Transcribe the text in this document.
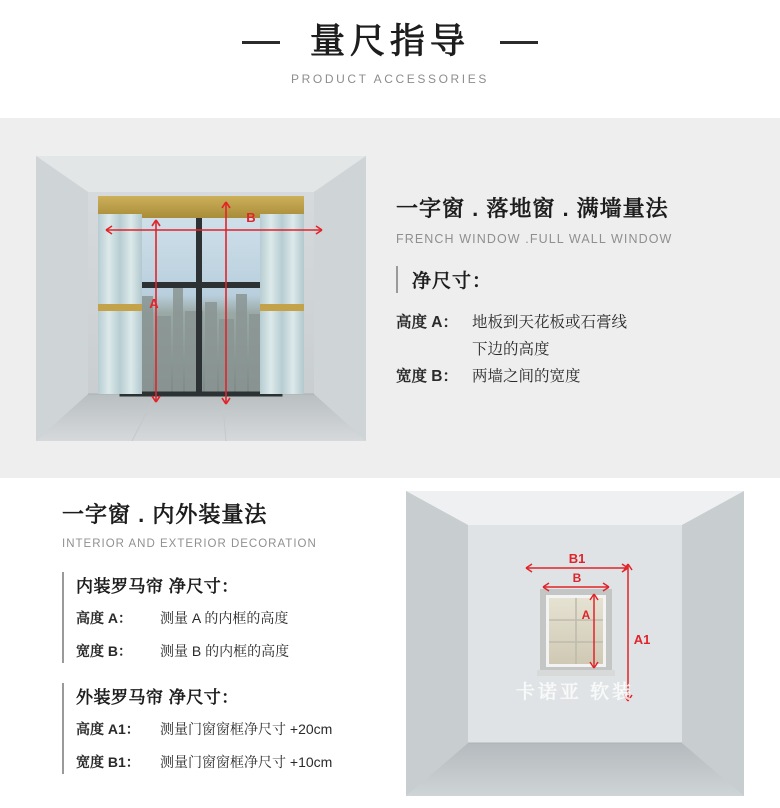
量尺指导
PRODUCT ACCESSORIES
A
B	一字窗 . 落地窗 . 满墙量法
FRENCH WINDOW .FULL WALL WINDOW
净尺寸：
高度 A： 地板到天花板或石膏线
下边的高度
宽度 B： 两墙之间的宽度
一字窗 . 内外装量法
INTERIOR AND EXTERIOR DECORATION
内装罗马帘 净尺寸：
高度 A：	测量 A 的内框的高度
宽度 B：	测量 B 的内框的高度
外装罗马帘 净尺寸：
高度 A1：	测量门窗窗框净尺寸 +20cm
宽度 B1：	测量门窗窗框净尺寸 +10cm
B1
B
A
A1
卡诺亚 软装
